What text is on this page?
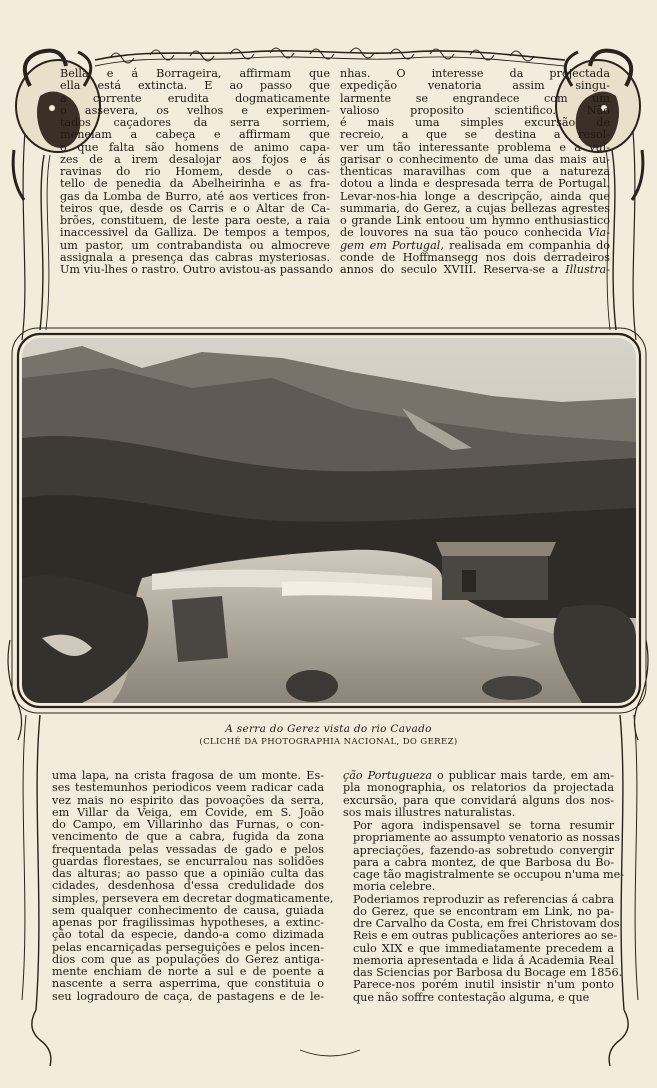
Bella e á Borrageira, affirmam que
ella está extincta. E ao passo que
a corrente erudita dogmaticamente
o assevera, os velhos e experimen-
tados caçadores da serra sorriem,
meneiam a cabeça e affirmam que
o que falta são homens de animo capa-
zes de a irem desalojar aos fojos e ás
ravinas do rio Homem, desde o cas-
tello de penedia da Abelheirinha e as fra-
gas da Lomba de Burro, até aos vertices fron-
teiros que, desde os Carris e o Altar de Ca-
brões, constituem, de leste para oeste, a raia
inaccessivel da Galliza. De tempos a tempos,
um pastor, um contrabandista ou almocreve
assignala a presença das cabras mysteriosas.
Um viu-lhes o rastro. Outro avistou-as passando
nhas. O interesse da projectada
expedição venatoria assim singu-
larmente se engrandece com um
valioso proposito scientifico. Não
é mais uma simples excursão de
recreio, a que se destina a resol-
ver um tão interessante problema e a vul-
garisar o conhecimento de uma das mais au-
thenticas maravilhas com que a natureza
dotou a linda e despresada terra de Portugal.
Levar-nos-hia longe a descripção, ainda que
summaria, do Gerez, a cujas bellezas agrestes
o grande Link entoou um hymno enthusiastico
de louvores na sua tão pouco conhecida Via-
gem em Portugal, realisada em companhia do
conde de Hoffmansegg nos dois derradeiros
annos do seculo XVIII. Reserva-se a Illustra-
A serra do Gerez vista do rio Cavado
(CLICHÉ DA PHOTOGRAPHIA NACIONAL, DO GEREZ)
uma lapa, na crista fragosa de um monte. Es-
ses testemunhos periodicos veem radicar cada
vez mais no espirito das povoações da serra,
em Villar da Veiga, em Covide, em S. João
do Campo, em Villarinho das Furnas, o con-
vencimento de que a cabra, fugida da zona
frequentada pelas vessadas de gado e pelos
guardas florestaes, se encurralou nas solidões
das alturas; ao passo que a opinião culta das
cidades, desdenhosa d'essa credulidade dos
simples, persevera em decretar dogmaticamente,
sem qualquer conhecimento de causa, guiada
apenas por fragilissimas hypotheses, a extinc-
ção total da especie, dando-a como dizimada
pelas encarniçadas perseguições e pelos incen-
dios com que as populações do Gerez antiga-
mente enchiam de norte a sul e de poente a
nascente a serra asperrima, que constituia o
seu logradouro de caça, de pastagens e de le-
ção Portugueza o publicar mais tarde, em am-
pla monographia, os relatorios da projectada
excursão, para que convidará alguns dos nos-
sos mais illustres naturalistas.
Por agora indispensavel se torna resumir
propriamente ao assumpto venatorio as nossas
apreciações, fazendo-as sobretudo convergir
para a cabra montez, de que Barbosa du Bo-
cage tão magistralmente se occupou n'uma me-
moria celebre.
Poderiamos reproduzir as referencias á cabra
do Gerez, que se encontram em Link, no pa-
dre Carvalho da Costa, em frei Christovam dos
Reis e em outras publicações anteriores ao se-
culo XIX e que immediatamente precedem a
memoria apresentada e lida á Academia Real
das Sciencias por Barbosa du Bocage em 1856.
Parece-nos porém inutil insistir n'um ponto
que não soffre contestação alguma, e que
